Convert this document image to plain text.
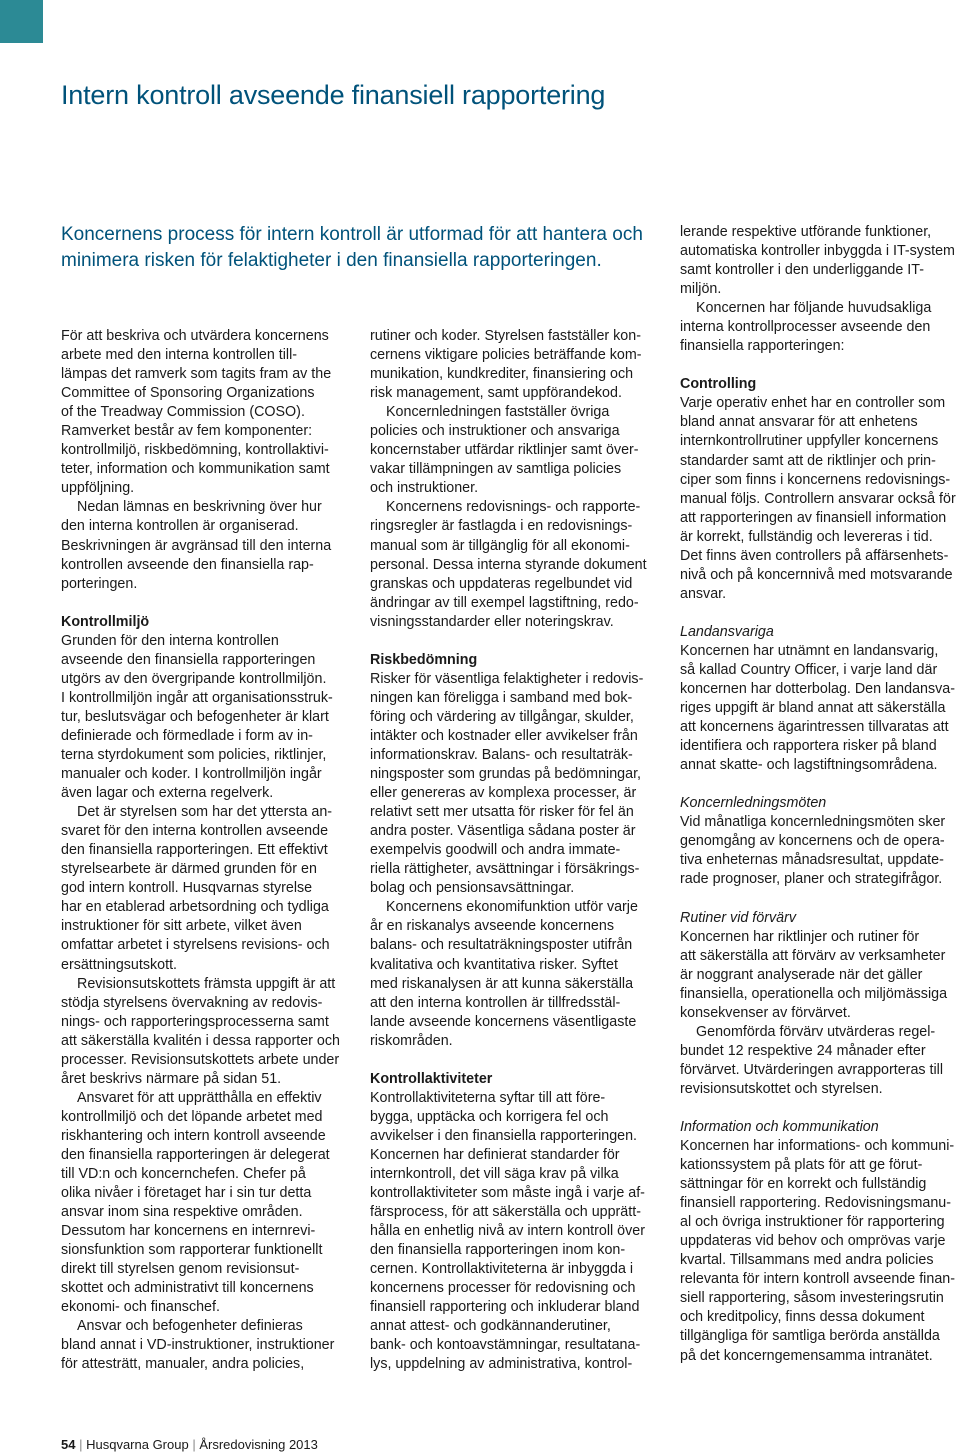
Intern kontroll avseende finansiell rapportering

Koncernens process för intern kontroll är utformad för att hantera och minimera risken för felaktigheter i den finansiella rapporteringen.

För att beskriva och utvärdera koncernens

arbete med den interna kontrollen till-

lämpas det ramverk som tagits fram av the

Committee of Sponsoring Organizations

of the Treadway Commission (COSO).

Ramverket består av fem komponenter:

kontrollmiljö, riskbedömning, kontrollaktivi-

teter, information och kommunikation samt

uppföljning.

Nedan lämnas en beskrivning över hur

den interna kontrollen är organiserad.

Beskrivningen är avgränsad till den interna

kontrollen avseende den finansiella rap-

porteringen.

Kontrollmiljö

Grunden för den interna kontrollen

avseende den finansiella rapporteringen

utgörs av den övergripande kontrollmiljön.

I kontrollmiljön ingår att organisationsstruk-

tur, beslutsvägar och befogenheter är klart

definierade och förmedlade i form av in-

terna styrdokument som policies, riktlinjer,

manualer och koder. I kontrollmiljön ingår

även lagar och externa regelverk.

Det är styrelsen som har det yttersta an-

svaret för den interna kontrollen avseende

den finansiella rapporteringen. Ett effektivt

styrelsearbete är därmed grunden för en

god intern kontroll. Husqvarnas styrelse

har en etablerad arbetsordning och tydliga

instruktioner för sitt arbete, vilket även

omfattar arbetet i styrelsens revisions- och

ersättningsutskott.

Revisionsutskottets främsta uppgift är att

stödja styrelsens övervakning av redovis-

nings- och rapporteringsprocesserna samt

att säkerställa kvalitén i dessa rapporter och

processer. Revisionsutskottets arbete under

året beskrivs närmare på sidan 51.

Ansvaret för att upprätthålla en effektiv

kontrollmiljö och det löpande arbetet med

riskhantering och intern kontroll avseende

den finansiella rapporteringen är delegerat

till VD:n och koncernchefen. Chefer på

olika nivåer i företaget har i sin tur detta

ansvar inom sina respektive områden.

Dessutom har koncernens en internrevi-

sionsfunktion som rapporterar funktionellt

direkt till styrelsen genom revisionsut-

skottet och administrativt till koncernens

ekonomi- och finanschef.

Ansvar och befogenheter definieras

bland annat i VD-instruktioner, instruktioner

för attesträtt, manualer, andra policies,

rutiner och koder. Styrelsen fastställer kon-

cernens viktigare policies beträffande kom-

munikation, kundkrediter, finansiering och

risk management, samt uppförandekod.

Koncernledningen fastställer övriga

policies och instruktioner och ansvariga

koncernstaber utfärdar riktlinjer samt över-

vakar tillämpningen av samtliga policies

och instruktioner.

Koncernens redovisnings- och rapporte-

ringsregler är fastlagda i en redovisnings-

manual som är tillgänglig för all ekonomi-

personal. Dessa interna styrande dokument

granskas och uppdateras regelbundet vid

ändringar av till exempel lagstiftning, redo-

visningsstandarder eller noteringskrav.

Riskbedömning

Risker för väsentliga felaktigheter i redovis-

ningen kan föreligga i samband med bok-

föring och värdering av tillgångar, skulder,

intäkter och kostnader eller avvikelser från

informationskrav. Balans- och resultaträk-

ningsposter som grundas på bedömningar,

eller genereras av komplexa processer, är

relativt sett mer utsatta för risker för fel än

andra poster. Väsentliga sådana poster är

exempelvis goodwill och andra immate-

riella rättigheter, avsättningar i försäkrings-

bolag och pensionsavsättningar.

Koncernens ekonomifunktion utför varje

år en riskanalys avseende koncernens

balans- och resultaträkningsposter utifrån

kvalitativa och kvantitativa risker. Syftet

med riskanalysen är att kunna säkerställa

att den interna kontrollen är tillfredsstäl-

lande avseende koncernens väsentligaste

riskområden.

Kontrollaktiviteter

Kontrollaktiviteterna syftar till att före-

bygga, upptäcka och korrigera fel och

avvikelser i den finansiella rapporteringen.

Koncernen har definierat standarder för

internkontroll, det vill säga krav på vilka

kontrollaktiviteter som måste ingå i varje af-

färsprocess, för att säkerställa och upprätt-

hålla en enhetlig nivå av intern kontroll över

den finansiella rapporteringen inom kon-

cernen. Kontrollaktiviteterna är inbyggda i

koncernens processer för redovisning och

finansiell rapportering och inkluderar bland

annat attest- och godkännanderutiner,

bank- och kontoavstämningar, resultatana-

lys, uppdelning av administrativa, kontrol-

lerande respektive utförande funktioner,

automatiska kontroller inbyggda i IT-system

samt kontroller i den underliggande IT-

miljön.

Koncernen har följande huvudsakliga

interna kontrollprocesser avseende den

finansiella rapporteringen:

Controlling

Varje operativ enhet har en controller som

bland annat ansvarar för att enhetens

internkontrollrutiner uppfyller koncernens

standarder samt att de riktlinjer och prin-

ciper som finns i koncernens redovisnings-

manual följs. Controllern ansvarar också för

att rapporteringen av finansiell information

är korrekt, fullständig och levereras i tid.

Det finns även controllers på affärsenhets-

nivå och på koncernnivå med motsvarande

ansvar.

Landansvariga

Koncernen har utnämnt en landansvarig,

så kallad Country Officer, i varje land där

koncernen har dotterbolag. Den landansva-

riges uppgift är bland annat att säkerställa

att koncernens ägarintressen tillvaratas att

identifiera och rapportera risker på bland

annat skatte- och lagstiftningsområdena.

Koncernledningsmöten

Vid månatliga koncernledningsmöten sker

genomgång av koncernens och de opera-

tiva enheternas månadsresultat, uppdate-

rade prognoser, planer och strategifrågor.

Rutiner vid förvärv

Koncernen har riktlinjer och rutiner för

att säkerställa att förvärv av verksamheter

är noggrant analyserade när det gäller

finansiella, operationella och miljömässiga

konsekvenser av förvärvet.

Genomförda förvärv utvärderas regel-

bundet 12 respektive 24 månader efter

förvärvet. Utvärderingen avrapporteras till

revisionsutskottet och styrelsen.

Information och kommunikation

Koncernen har informations- och kommuni-

kationssystem på plats för att ge förut-

sättningar för en korrekt och fullständig

finansiell rapportering. Redovisningsmanu-

al och övriga instruktioner för rapportering

uppdateras vid behov och omprövas varje

kvartal. Tillsammans med andra policies

relevanta för intern kontroll avseende finan-

siell rapportering, såsom investeringsrutin

och kreditpolicy, finns dessa dokument

tillgängliga för samtliga berörda anställda

på det koncerngemensamma intranätet.

54 | Husqvarna Group | Årsredovisning 2013
